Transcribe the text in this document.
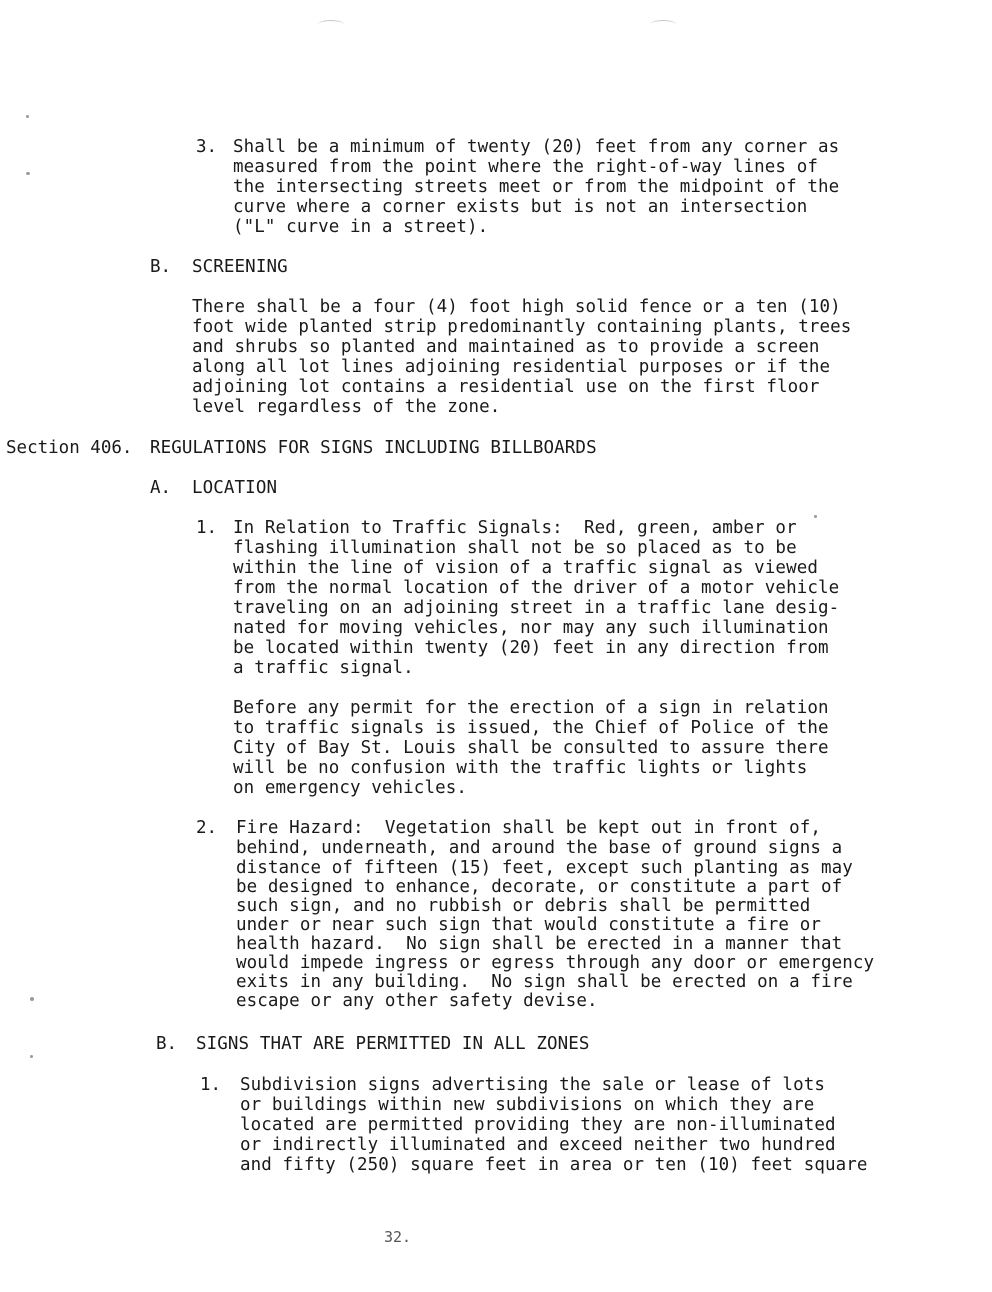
3. Shall be a minimum of twenty (20) feet from any corner as
measured from the point where the right-of-way lines of
the intersecting streets meet or from the midpoint of the
curve where a corner exists but is not an intersection
("L" curve in a street).
B. SCREENING
There shall be a four (4) foot high solid fence or a ten (10)
foot wide planted strip predominantly containing plants, trees
and shrubs so planted and maintained as to provide a screen
along all lot lines adjoining residential purposes or if the
adjoining lot contains a residential use on the first floor
level regardless of the zone.
Section 406. REGULATIONS FOR SIGNS INCLUDING BILLBOARDS
A. LOCATION
1. In Relation to Traffic Signals:  Red, green, amber or
flashing illumination shall not be so placed as to be
within the line of vision of a traffic signal as viewed
from the normal location of the driver of a motor vehicle
traveling on an adjoining street in a traffic lane desig-
nated for moving vehicles, nor may any such illumination
be located within twenty (20) feet in any direction from
a traffic signal.
Before any permit for the erection of a sign in relation
to traffic signals is issued, the Chief of Police of the
City of Bay St. Louis shall be consulted to assure there
will be no confusion with the traffic lights or lights
on emergency vehicles.
2. Fire Hazard:  Vegetation shall be kept out in front of,
behind, underneath, and around the base of ground signs a
distance of fifteen (15) feet, except such planting as may
be designed to enhance, decorate, or constitute a part of
such sign, and no rubbish or debris shall be permitted
under or near such sign that would constitute a fire or
health hazard.  No sign shall be erected in a manner that
would impede ingress or egress through any door or emergency
exits in any building.  No sign shall be erected on a fire
escape or any other safety devise.
B. SIGNS THAT ARE PERMITTED IN ALL ZONES
1. Subdivision signs advertising the sale or lease of lots
or buildings within new subdivisions on which they are
located are permitted providing they are non-illuminated
or indirectly illuminated and exceed neither two hundred
and fifty (250) square feet in area or ten (10) feet square
32.
